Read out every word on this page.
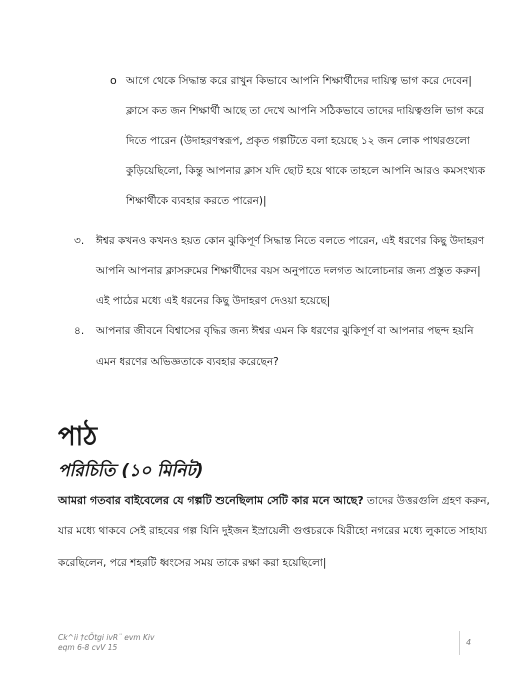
o আগে থেকে সিদ্ধান্ত করে রাখুন কিভাবে আপনি শিক্ষার্থীদের দায়িত্ব ভাগ করে দেবেন|
ক্লাসে কত জন শিক্ষার্থী আছে তা দেখে আপনি সঠিকভাবে তাদের দায়িত্বগুলি ভাগ করে
দিতে পারেন (উদাহরণস্বরূপ, প্রকৃত গল্পটিতে বলা হয়েছে ১২ জন লোক পাথরগুলো
কুড়িয়েছিলো, কিন্তু আপনার ক্লাস যদি ছোট হয়ে থাকে তাহলে আপনি আরও কমসংখ্যক
শিক্ষার্থীকে ব্যবহার করতে পারেন)|
৩. ঈশ্বর কখনও কখনও হয়ত কোন ঝুকিপূর্ণ সিদ্ধান্ত নিতে বলতে পারেন, এই ধরণের কিছু উদাহরণ
আপনি আপনার ক্লাসরুমের শিক্ষার্থীদের বয়স অনুপাতে দলগত আলোচনার জন্য প্রস্তুত করুন|
এই পাঠের মধ্যে এই ধরনের কিছু উদাহরণ দেওয়া হয়েছে|
৪. আপনার জীবনে বিশ্বাসের বৃদ্ধির জন্য ঈশ্বর এমন কি ধরণের ঝুকিপূর্ণ বা আপনার পছন্দ হয়নি
এমন ধরণের অভিজ্ঞতাকে ব্যবহার করেছেন?
পাঠ
পরিচিতি (১০ মিনিট)
আমরা গতবার বাইবেলের যে গল্পটি শুনেছিলাম সেটি কার মনে আছে? তাদের উত্তরগুলি গ্রহণ করুন,
যার মধ্যে থাকবে সেই রাহবের গল্প যিনি দুইজন ইস্রায়েলী গুপ্তচরকে যিরীহো নগরের মধ্যে লুকাতে সাহায্য
করেছিলেন, পরে শহরটি ধ্বংসের সময় তাকে রক্ষা করা হয়েছিলো|
Ck^ii †cÖtgi ivR¨ evm Kiv
eqm 6-8 cvV 15
4
